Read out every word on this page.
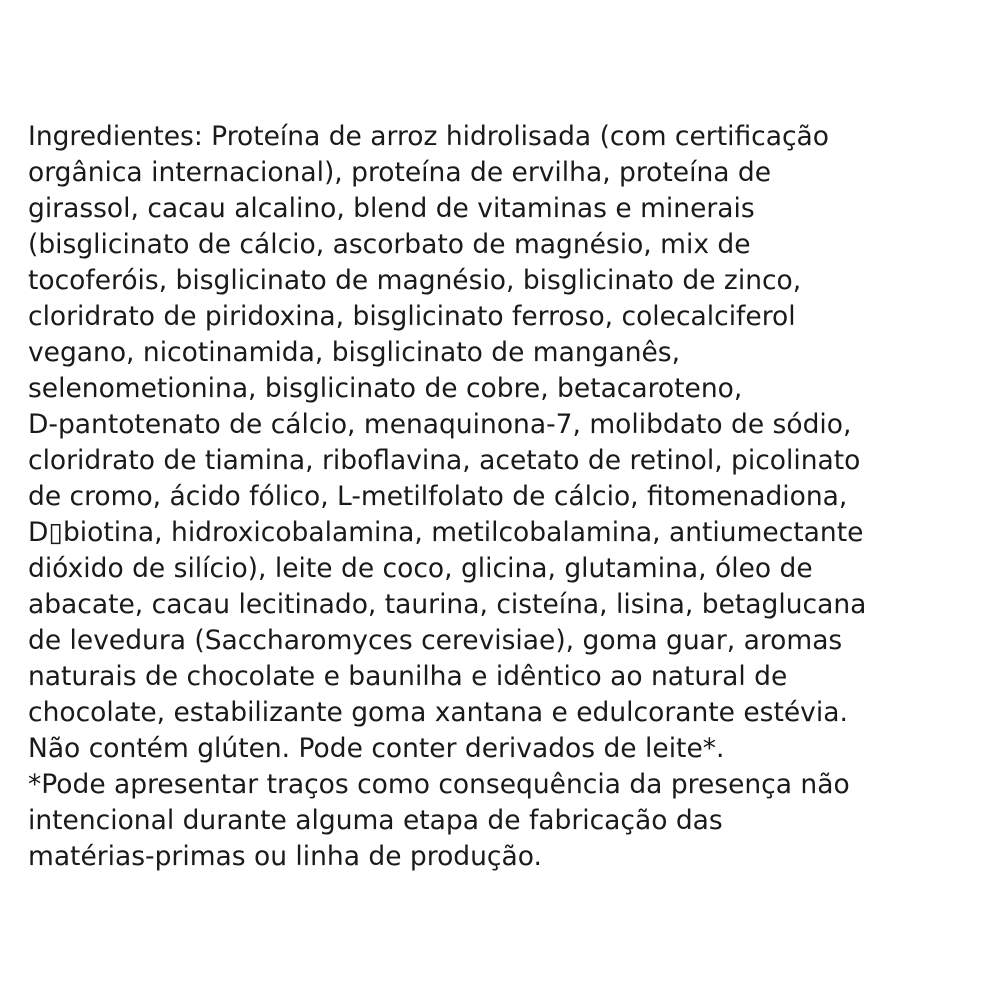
Ingredientes: Proteína de arroz hidrolisada (com certificação
orgânica internacional), proteína de ervilha, proteína de
girassol, cacau alcalino, blend de vitaminas e minerais
(bisglicinato de cálcio, ascorbato de magnésio, mix de
tocoferóis, bisglicinato de magnésio, bisglicinato de zinco,
cloridrato de piridoxina, bisglicinato ferroso, colecalciferol
vegano, nicotinamida, bisglicinato de manganês,
selenometionina, bisglicinato de cobre, betacaroteno,
D-pantotenato de cálcio, menaquinona-7, molibdato de sódio,
cloridrato de tiamina, riboflavina, acetato de retinol, picolinato
de cromo, ácido fólico, L-metilfolato de cálcio, fitomenadiona,
D▯biotina, hidroxicobalamina, metilcobalamina, antiumectante
dióxido de silício), leite de coco, glicina, glutamina, óleo de
abacate, cacau lecitinado, taurina, cisteína, lisina, betaglucana
de levedura (Saccharomyces cerevisiae), goma guar, aromas
naturais de chocolate e baunilha e idêntico ao natural de
chocolate, estabilizante goma xantana e edulcorante estévia.
Não contém glúten. Pode conter derivados de leite*.
*Pode apresentar traços como consequência da presença não
intencional durante alguma etapa de fabricação das
matérias-primas ou linha de produção.
